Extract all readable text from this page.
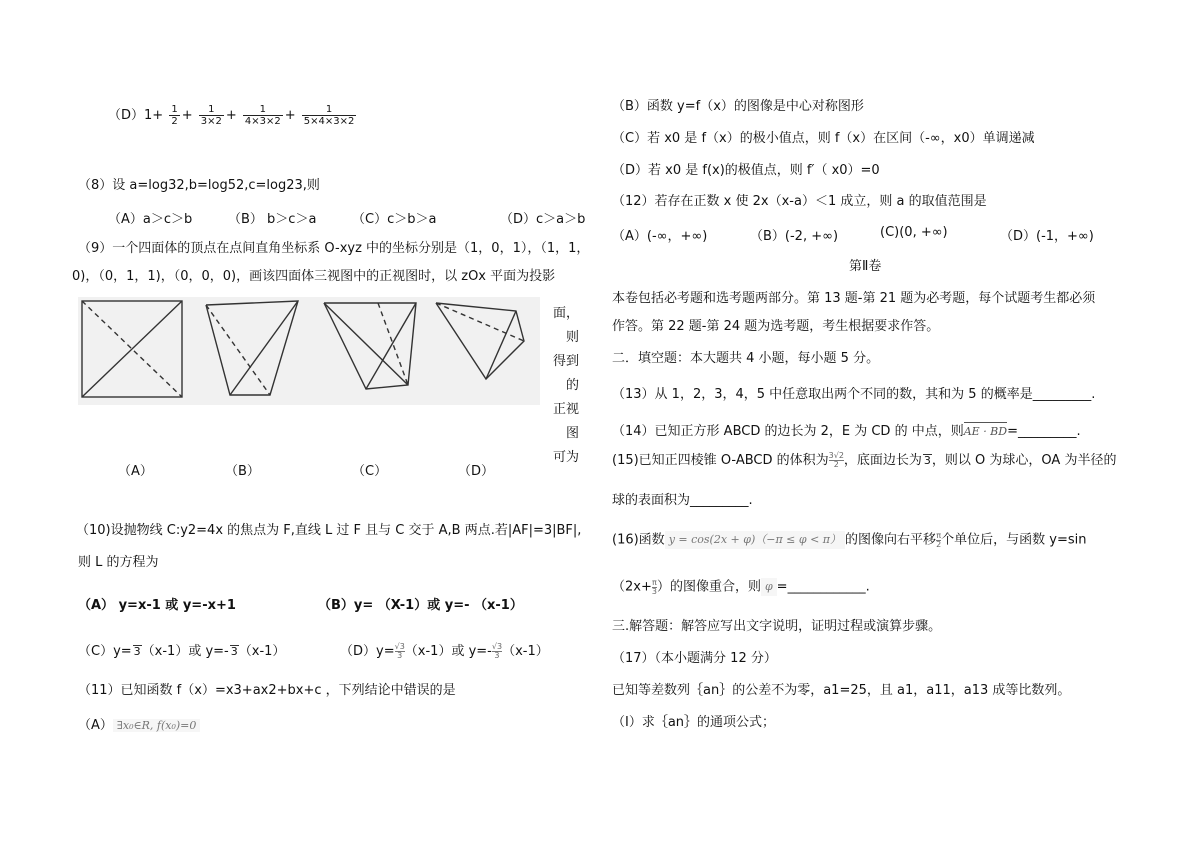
$(D)1+ \frac{1}{2} + \frac{1}{3\times 2} + \frac{1}{4\times 3\times 2} + \frac{1}{5\times 4\times 3\times 2}$
（8）设 a=log32,b=log52,c=log23,则
（A）a＞c＞b	（B） b＞c＞a	（C）c＞b＞a	（D）c＞a＞b
（9）一个四面体的顶点在点间直角坐标系 O-xyz 中的坐标分别是（1，0，1），（1，1，
0)，（0，1，1)，（0，0，0)，画该四面体三视图中的正视图时，以 zOx 平面为投影
面，则
得到的
正视图
可为
（A）	（B）	（C）	（D）
（10)设抛物线 C:y2=4x 的焦点为 F,直线 L 过 F 且与 C 交于 A,B 两点.若|AF|=3|BF|,
则 L 的方程为
（A） y=x-1 或 y=-x+1	（B）y= （X-1）或 y=- （x-1）
（C）y= 3（x-1）或 y=- 3（x-1）	$(D)y= \frac{√3}{3} (x-1)$或 $y=- \frac{√3}{3} (x-1)$
（11）已知函数 f（x）=x3+ax2+bx+c ，下列结论中错误的是
（A） ∃x₀∈R, f(x₀)=0
（B）函数 y=f（x）的图像是中心对称图形
（C）若 x0 是 f（x）的极小值点，则 f（x）在区间（-∞，x0）单调递减
（D）若 x0 是 f(x)的极值点，则 f′（ x0）=0
（12）若存在正数 x 使 2x（x-a）＜1 成立，则 a 的取值范围是
（A）(-∞，+∞)	（B）(-2, +∞)	(C)(0, +∞)	（D）(-1，+∞)
第Ⅱ卷
本卷包括必考题和选考题两部分。第 13 题-第 21 题为必考题，每个试题考生都必须
作答。第 22 题-第 24 题为选考题，考生根据要求作答。
二．填空题：本大题共 4 小题，每小题 5 分。
（13）从 1，2，3，4，5 中任意取出两个不同的数，其和为 5 的概率是_________.
（14）已知正方形 ABCD 的边长为 2，E 为 CD 的 中点，则AE · BD=_________.
(15)已知正四棱锥 O-ABCD 的体积为 $\frac{3√2}{2}$ ，底面边长为 3，则以 O 为球心，OA 为半径的
球的表面积为_________.
(16)函数 y = cos(2x + φ)（−π ≤ φ < π） 的图像向右平移 $\frac{\pi}{2}$ 个单位后，与函数 y=sin
（$2x+ \frac{\pi}{3}$ ）的图像重合，则 φ =____________.
三.解答题：解答应写出文字说明，证明过程或演算步骤。
（17）（本小题满分 12 分）
已知等差数列｛an｝的公差不为零，a1=25，且 a1，a11，a13 成等比数列。
（Ⅰ）求｛an｝的通项公式；
